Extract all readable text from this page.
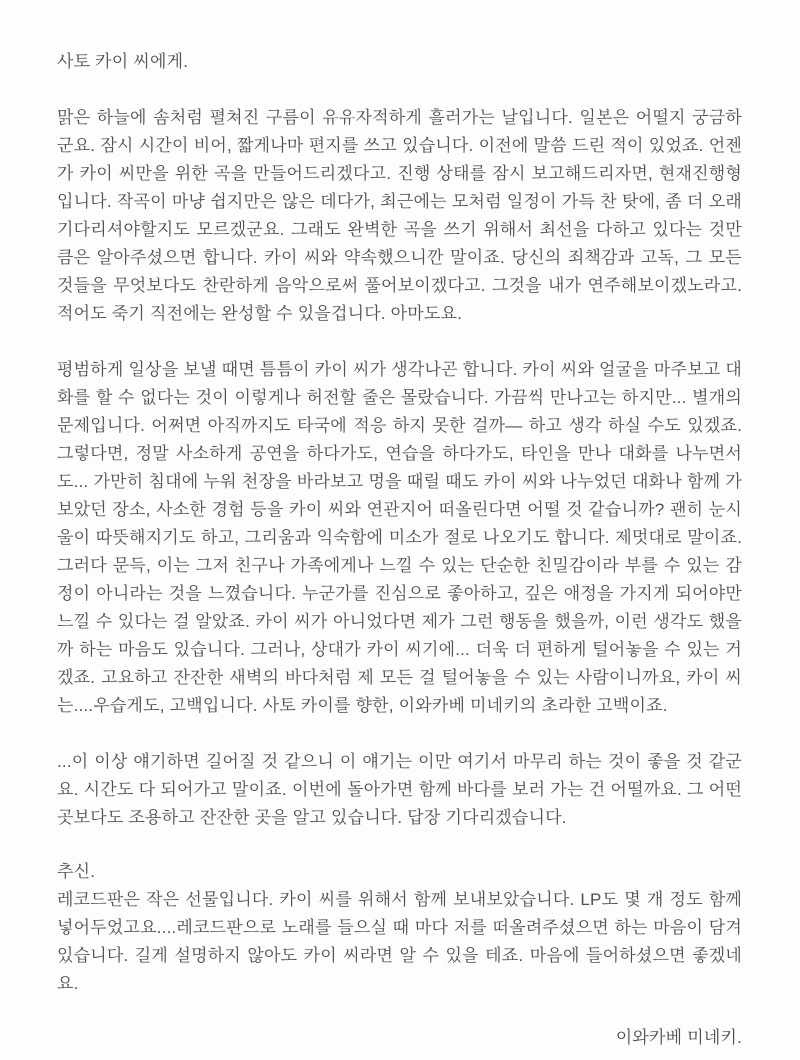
사토 카이 씨에게.

맑은 하늘에 솜처럼 펼쳐진 구름이 유유자적하게 흘러가는 날입니다. 일본은 어떨지 궁금하군요. 잠시 시간이 비어, 짧게나마 편지를 쓰고 있습니다. 이전에 말씀 드린 적이 있었죠. 언젠가 카이 씨만을 위한 곡을 만들어드리겠다고. 진행 상태를 잠시 보고해드리자면, 현재진행형입니다. 작곡이 마냥 쉽지만은 않은 데다가, 최근에는 모처럼 일정이 가득 찬 탓에, 좀 더 오래 기다리셔야할지도 모르겠군요. 그래도 완벽한 곡을 쓰기 위해서 최선을 다하고 있다는 것만큼은 알아주셨으면 합니다. 카이 씨와 약속했으니깐 말이죠. 당신의 죄책감과 고독, 그 모든 것들을 무엇보다도 찬란하게 음악으로써 풀어보이겠다고. 그것을 내가 연주해보이겠노라고. 적어도 죽기 직전에는 완성할 수 있을겁니다. 아마도요.

평범하게 일상을 보낼 때면 틈틈이 카이 씨가 생각나곤 합니다. 카이 씨와 얼굴을 마주보고 대화를 할 수 없다는 것이 이렇게나 허전할 줄은 몰랐습니다. 가끔씩 만나고는 하지만... 별개의 문제입니다. 어쩌면 아직까지도 타국에 적응 하지 못한 걸까— 하고 생각 하실 수도 있겠죠. 그렇다면, 정말 사소하게 공연을 하다가도, 연습을 하다가도, 타인을 만나 대화를 나누면서도... 가만히 침대에 누워 천장을 바라보고 멍을 때릴 때도 카이 씨와 나누었던 대화나 함께 가보았던 장소, 사소한 경험 등을 카이 씨와 연관지어 떠올린다면 어떨 것 같습니까? 괜히 눈시울이 따뜻해지기도 하고, 그리움과 익숙함에 미소가 절로 나오기도 합니다. 제멋대로 말이죠. 그러다 문득, 이는 그저 친구나 가족에게나 느낄 수 있는 단순한 친밀감이라 부를 수 있는 감정이 아니라는 것을 느꼈습니다. 누군가를 진심으로 좋아하고, 깊은 애정을 가지게 되어야만 느낄 수 있다는 걸 알았죠. 카이 씨가 아니었다면 제가 그런 행동을 했을까, 이런 생각도 했을까 하는 마음도 있습니다. 그러나, 상대가 카이 씨기에... 더욱 더 편하게 털어놓을 수 있는 거겠죠. 고요하고 잔잔한 새벽의 바다처럼 제 모든 걸 털어놓을 수 있는 사람이니까요, 카이 씨는....우습게도, 고백입니다. 사토 카이를 향한, 이와카베 미네키의 초라한 고백이죠.

...이 이상 얘기하면 길어질 것 같으니 이 얘기는 이만 여기서 마무리 하는 것이 좋을 것 같군요. 시간도 다 되어가고 말이죠. 이번에 돌아가면 함께 바다를 보러 가는 건 어떨까요. 그 어떤 곳보다도 조용하고 잔잔한 곳을 알고 있습니다. 답장 기다리겠습니다.

추신.

레코드판은 작은 선물입니다. 카이 씨를 위해서 함께 보내보았습니다. LP도 몇 개 정도 함께 넣어두었고요....레코드판으로 노래를 들으실 때 마다 저를 떠올려주셨으면 하는 마음이 담겨있습니다. 길게 설명하지 않아도 카이 씨라면 알 수 있을 테죠. 마음에 들어하셨으면 좋겠네요.

이와카베 미네키.
